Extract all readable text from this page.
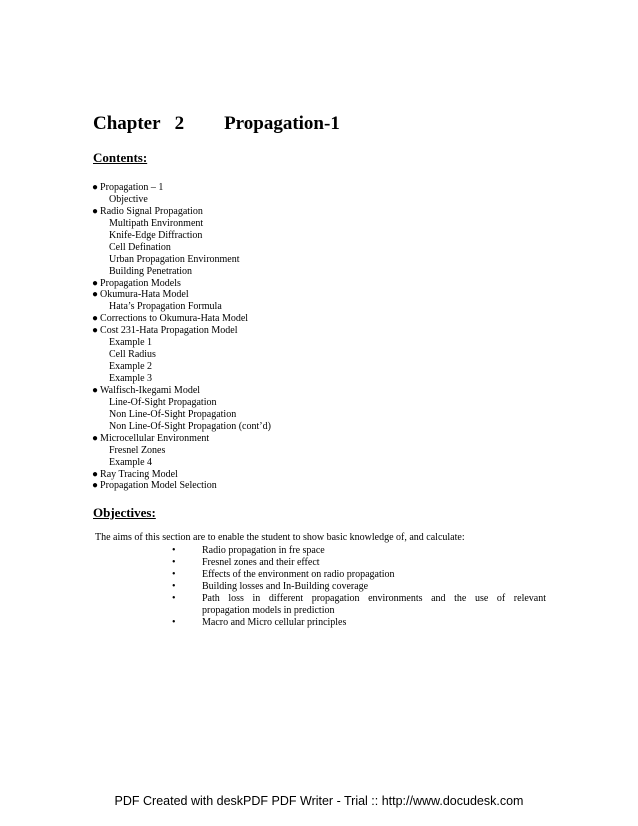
Chapter 2 Propagation-1
Contents:
● Propagation – 1
Objective
● Radio Signal Propagation
Multipath Environment
Knife-Edge Diffraction
Cell Defination
Urban Propagation Environment
Building Penetration
● Propagation Models
● Okumura-Hata Model
Hata’s Propagation Formula
● Corrections to Okumura-Hata Model
● Cost 231-Hata Propagation Model
Example 1
Cell Radius
Example 2
Example 3
● Walfisch-Ikegami Model
Line-Of-Sight Propagation
Non Line-Of-Sight Propagation
Non Line-Of-Sight Propagation (cont’d)
● Microcellular Environment
Fresnel Zones
Example 4
● Ray Tracing Model
● Propagation Model Selection
Objectives:
The aims of this section are to enable the student to show basic knowledge of, and calculate:
•	Radio propagation in fre space
•	Fresnel zones and their effect
•	Effects of the environment on radio propagation
•	Building losses and In-Building coverage
•	Path loss in different propagation environments and the use of relevant
propagation models in prediction
•	Macro and Micro cellular principles
PDF Created with deskPDF PDF Writer - Trial :: http://www.docudesk.com
